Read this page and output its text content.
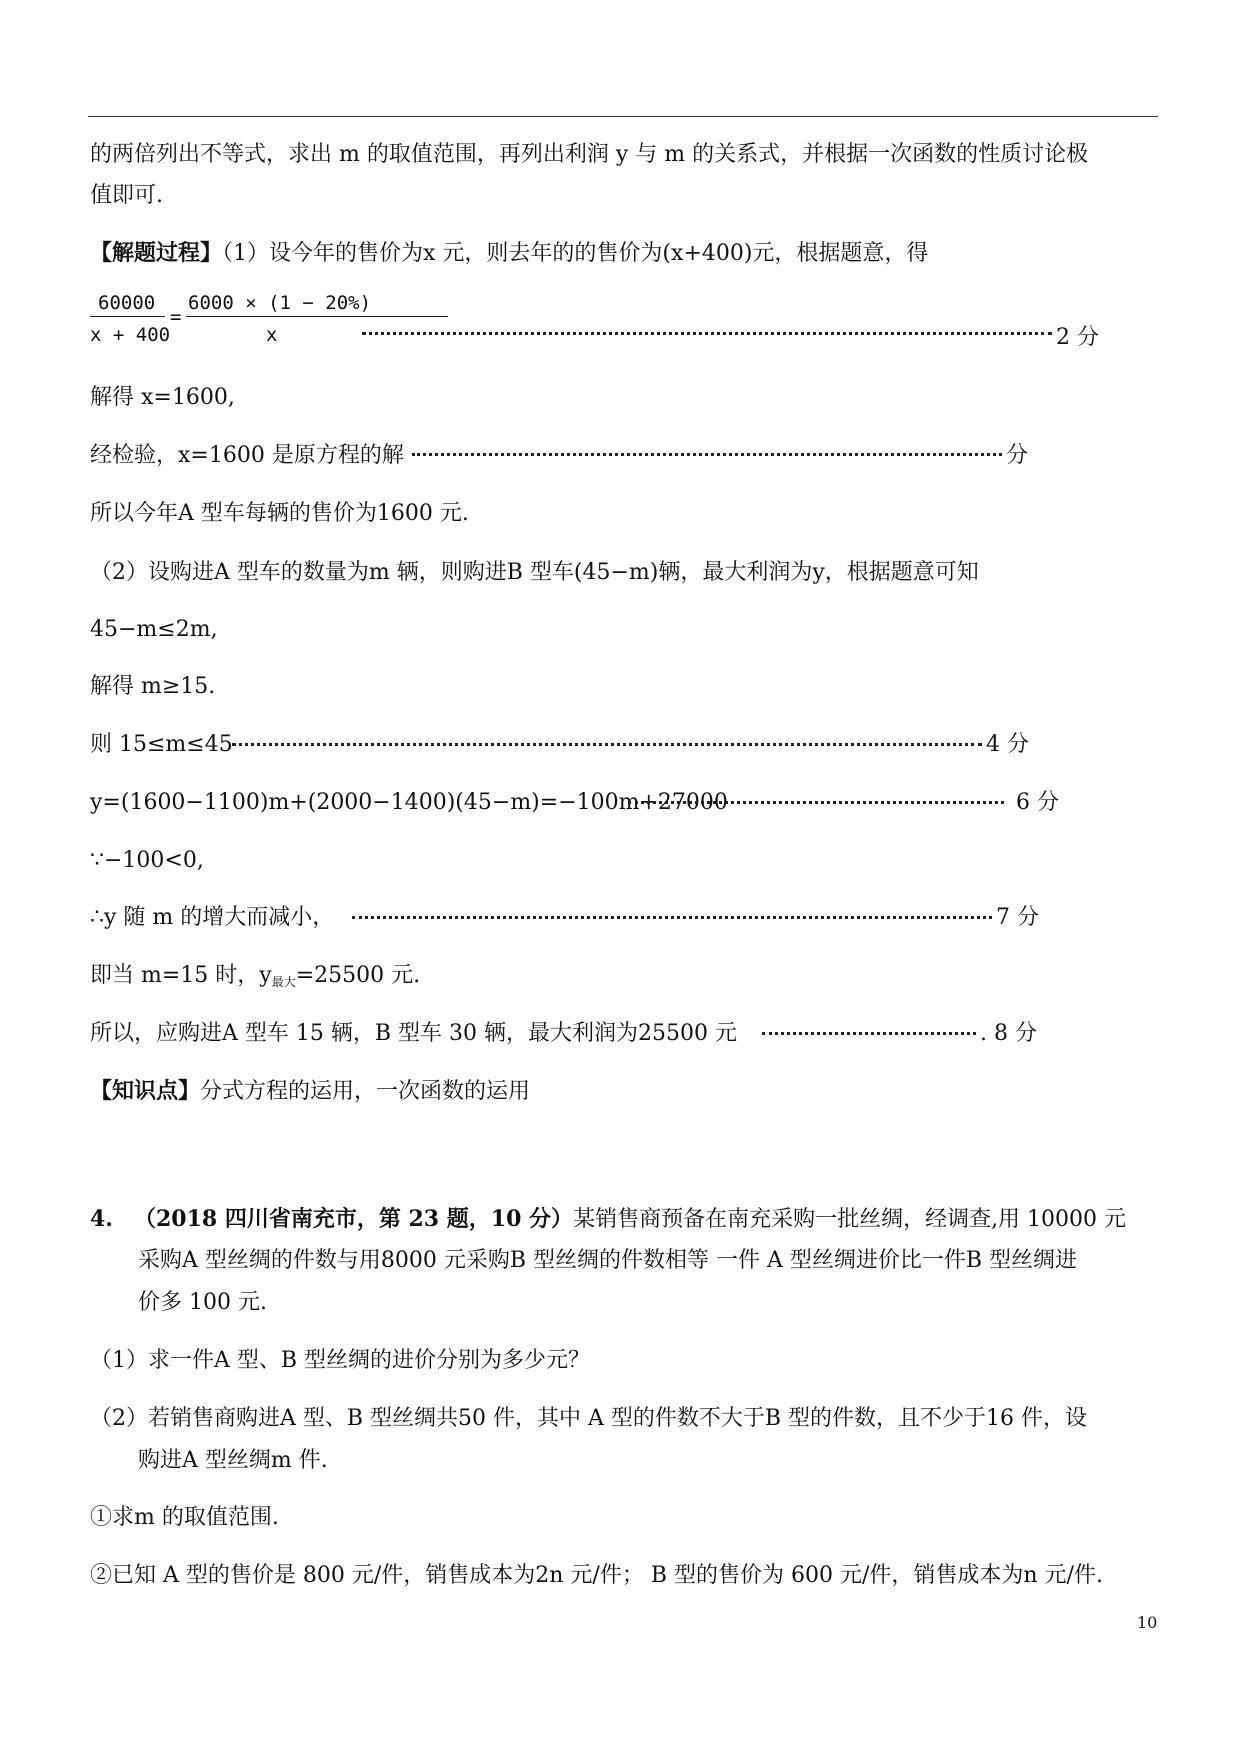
的两倍列出不等式，求出 m 的取值范围，再列出利润 y 与 m 的关系式，并根据一次函数的性质讨论极
值即可.
【解题过程】（1）设今年的售价为x 元，则去年的的售价为(x+400)元，根据题意，得
60000
x + 400
=
6000 × (1 − 20%)
x	2 分
解得 x=1600,
经检验，x=1600 是原方程的解	分
所以今年A 型车每辆的售价为1600 元.
（2）设购进A 型车的数量为m 辆，则购进B 型车(45−m)辆，最大利润为y，根据题意可知
45−m≤2m,
解得 m≥15.
则 15≤m≤45	4 分
y=(1600−1100)m+(2000−1400)(45−m)=−100m+27000	6 分
∵−100<0,
∴y 随 m 的增大而减小，	7 分
即当 m=15 时，$y_{最大}=25500$ 元.
所以，应购进A 型车 15 辆，B 型车 30 辆，最大利润为25500 元	. 8 分
【知识点】分式方程的运用，一次函数的运用
4. （2018 四川省南充市，第 23 题，10 分）某销售商预备在南充采购一批丝绸，经调查,用 10000 元
采购A 型丝绸的件数与用8000 元采购B 型丝绸的件数相等 一件 A 型丝绸进价比一件B 型丝绸进
价多 100 元.
（1）求一件A 型、B 型丝绸的进价分别为多少元？
（2）若销售商购进A 型、B 型丝绸共50 件，其中 A 型的件数不大于B 型的件数，且不少于16 件，设
购进A 型丝绸m 件.
①求m 的取值范围.
②已知 A 型的售价是 800 元/件，销售成本为2n 元/件； B 型的售价为 600 元/件，销售成本为n 元/件.
10
